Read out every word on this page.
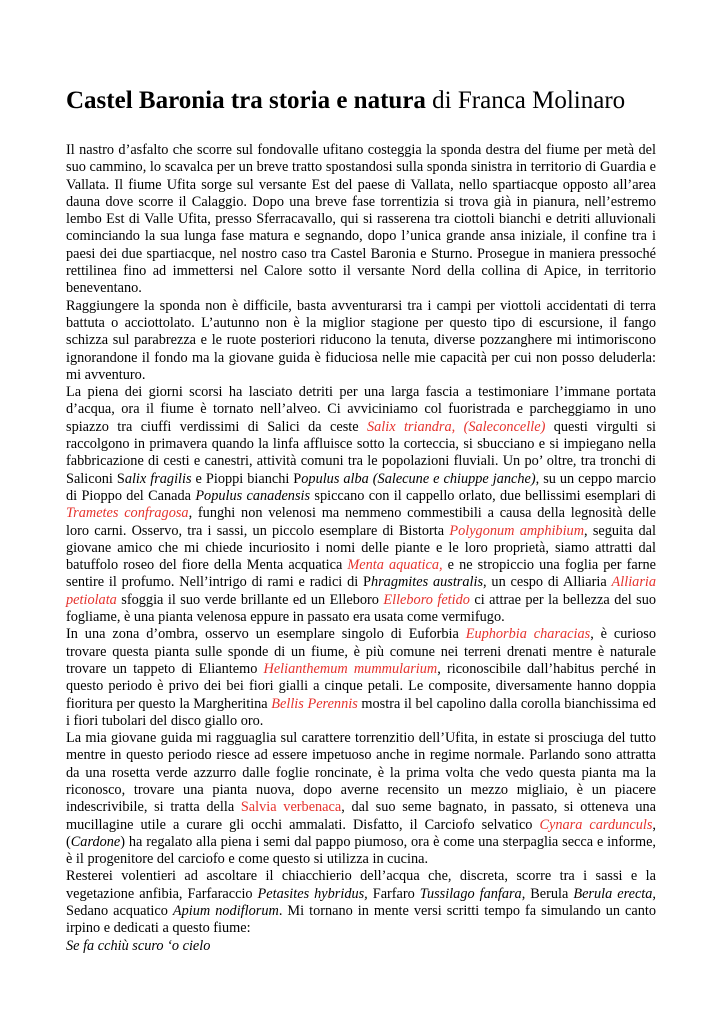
Castel Baronia tra storia e natura di Franca Molinaro

Il nastro d’asfalto che scorre sul fondovalle ufitano costeggia la sponda destra del fiume per metà del suo cammino, lo scavalca per un breve tratto spostandosi sulla sponda sinistra in territorio di Guardia e Vallata. Il fiume Ufita sorge sul versante Est del paese di Vallata, nello spartiacque opposto all’area dauna dove scorre il Calaggio. Dopo una breve fase torrentizia si trova già in pianura, nell’estremo lembo Est di Valle Ufita, presso Sferracavallo, qui si rasserena tra ciottoli bianchi e detriti alluvionali cominciando la sua lunga fase matura e segnando, dopo l’unica grande ansa iniziale, il confine tra i paesi dei due spartiacque, nel nostro caso tra Castel Baronia e Sturno. Prosegue in maniera pressoché rettilinea fino ad immettersi nel Calore sotto il versante Nord della collina di Apice, in territorio beneventano.

Raggiungere la sponda non è difficile, basta avventurarsi tra i campi per viottoli accidentati di terra battuta o acciottolato. L’autunno non è la miglior stagione per questo tipo di escursione, il fango schizza sul parabrezza e le ruote posteriori riducono la tenuta, diverse pozzanghere mi intimoriscono ignorandone il fondo ma la giovane guida è fiduciosa nelle mie capacità per cui non posso deluderla: mi avventuro.

La piena dei giorni scorsi ha lasciato detriti per una larga fascia a testimoniare l’immane portata d’acqua, ora il fiume è tornato nell’alveo. Ci avviciniamo col fuoristrada e parcheggiamo in uno spiazzo tra ciuffi verdissimi di Salici da ceste Salix triandra, (Saleconcelle) questi virgulti si raccolgono in primavera quando la linfa affluisce sotto la corteccia, si sbucciano e si impiegano nella fabbricazione di cesti e canestri, attività comuni tra le popolazioni fluviali. Un po’ oltre, tra tronchi di Saliconi Salix fragilis e Pioppi bianchi Populus alba (Salecune e chiuppe janche), su un ceppo marcio di Pioppo del Canada Populus canadensis spiccano con il cappello orlato, due bellissimi esemplari di Trametes confragosa, funghi non velenosi ma nemmeno commestibili a causa della legnosità delle loro carni. Osservo, tra i sassi, un piccolo esemplare di Bistorta Polygonum amphibium, seguita dal giovane amico che mi chiede incuriosito i nomi delle piante e le loro proprietà, siamo attratti dal batuffolo roseo del fiore della Menta acquatica Menta aquatica, e ne stropiccio una foglia per farne sentire il profumo. Nell’intrigo di rami e radici di Phragmites australis, un cespo di Alliaria Alliaria petiolata sfoggia il suo verde brillante ed un Elleboro Elleboro fetido ci attrae per la bellezza del suo fogliame, è una pianta velenosa eppure in passato era usata come vermifugo.

In una zona d’ombra, osservo un esemplare singolo di Euforbia Euphorbia characias, è curioso trovare questa pianta sulle sponde di un fiume, è più comune nei terreni drenati mentre è naturale trovare un tappeto di Eliantemo Helianthemum mummularium, riconoscibile dall’habitus perché in questo periodo è privo dei bei fiori gialli a cinque petali. Le composite, diversamente hanno doppia fioritura per questo la Margheritina Bellis Perennis mostra il bel capolino dalla corolla bianchissima ed i fiori tubolari del disco giallo oro.

La mia giovane guida mi ragguaglia sul carattere torrenzitio dell’Ufita, in estate si prosciuga del tutto mentre in questo periodo riesce ad essere impetuoso anche in regime normale. Parlando sono attratta da una rosetta verde azzurro dalle foglie roncinate, è la prima volta che vedo questa pianta ma la riconosco, trovare una pianta nuova, dopo averne recensito un mezzo migliaio, è un piacere indescrivibile, si tratta della Salvia verbenaca, dal suo seme bagnato, in passato, si otteneva una mucillagine utile a curare gli occhi ammalati. Disfatto, il Carciofo selvatico Cynara cardunculs, (Cardone) ha regalato alla piena i semi dal pappo piumoso, ora è come una sterpaglia secca e informe, è il progenitore del carciofo e come questo si utilizza in cucina.

Resterei volentieri ad ascoltare il chiacchierio dell’acqua che, discreta, scorre tra i sassi e la vegetazione anfibia, Farfaraccio Petasites hybridus, Farfaro Tussilago fanfara, Berula Berula erecta, Sedano acquatico Apium nodiflorum. Mi tornano in mente versi scritti tempo fa simulando un canto irpino e dedicati a questo fiume:

Se fa cchiù scuro ‘o cielo
